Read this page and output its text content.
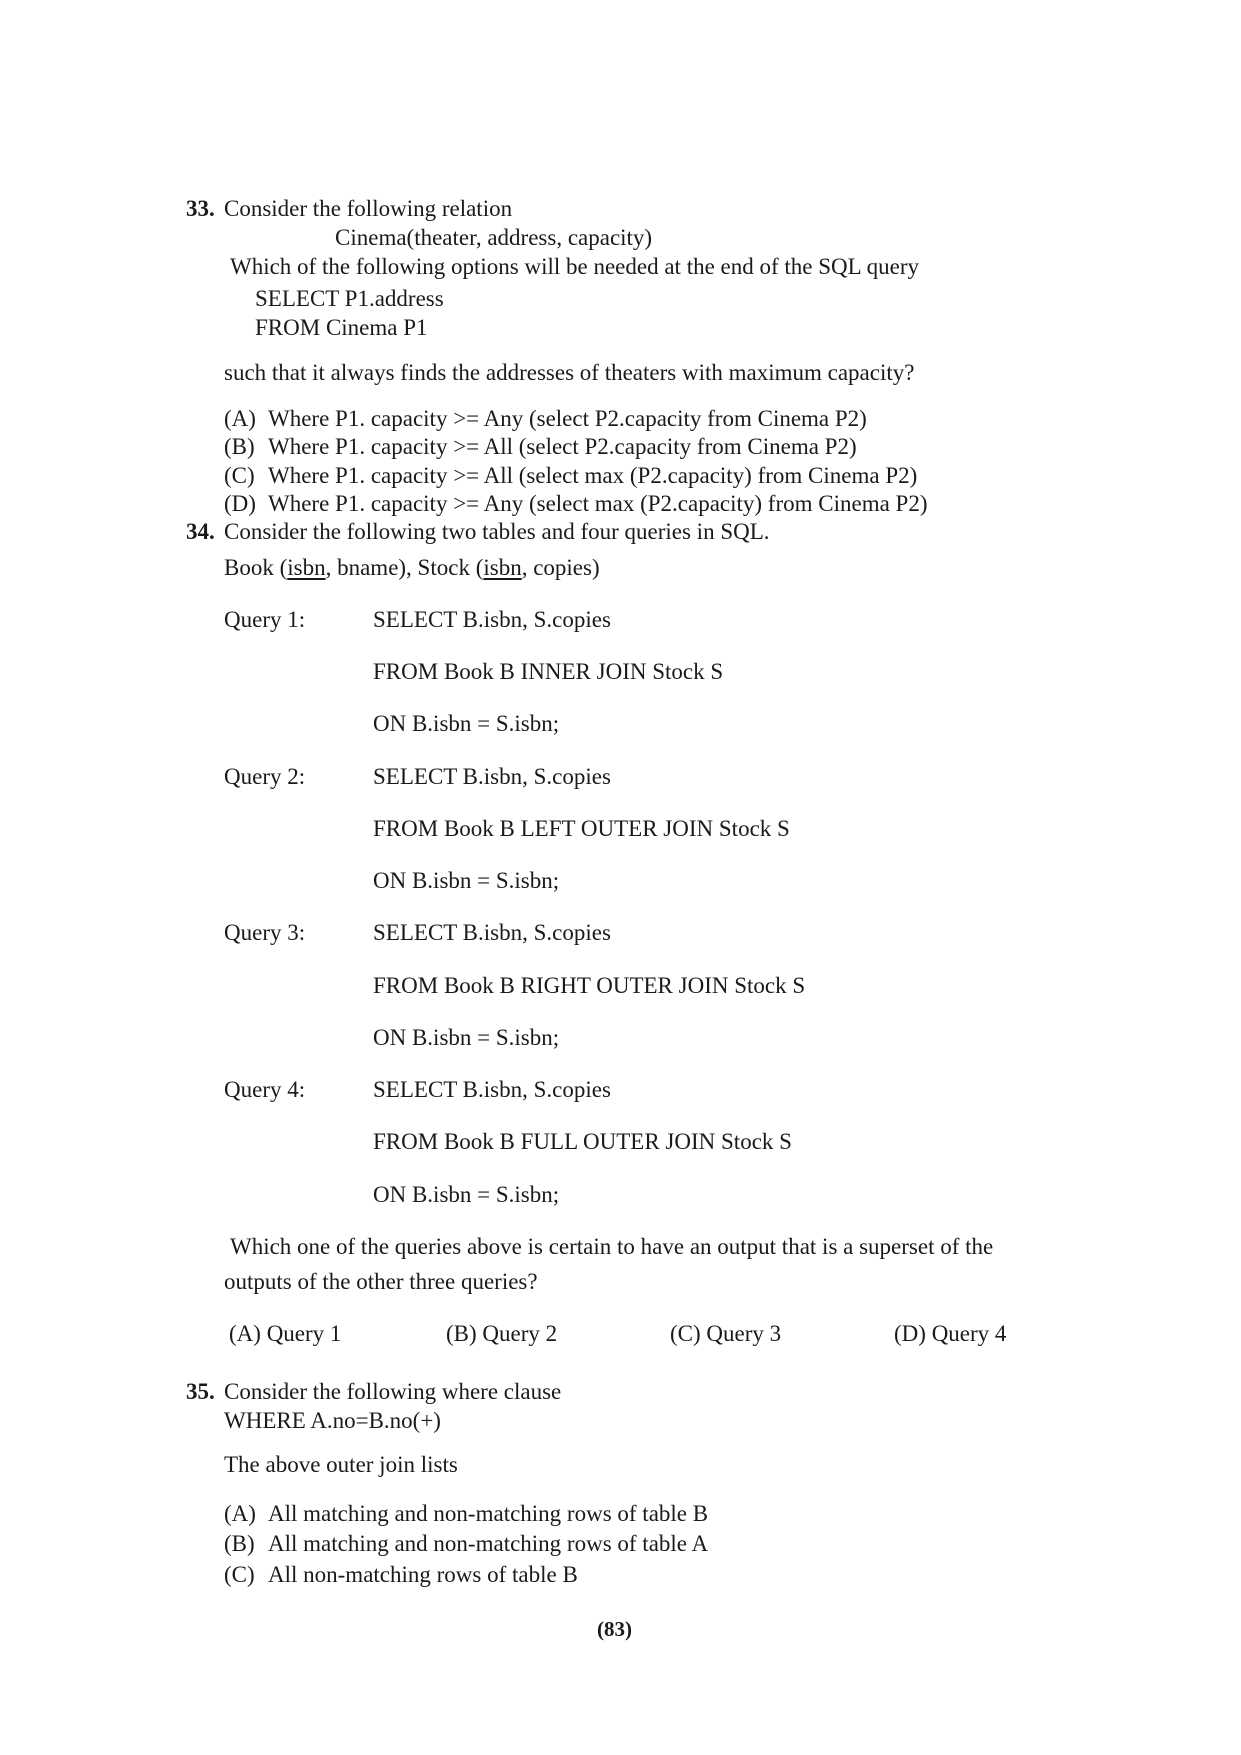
33. Consider the following relation
Cinema(theater, address, capacity)
Which of the following options will be needed at the end of the SQL query
SELECT P1.address
FROM Cinema P1
such that it always finds the addresses of theaters with maximum capacity?
(A) Where P1. capacity >= Any (select P2.capacity from Cinema P2)
(B) Where P1. capacity >= All (select P2.capacity from Cinema P2)
(C) Where P1. capacity >= All (select max (P2.capacity) from Cinema P2)
(D) Where P1. capacity >= Any (select max (P2.capacity) from Cinema P2)
34. Consider the following two tables and four queries in SQL.
Book (isbn, bname), Stock (isbn, copies)
Query 1:	SELECT B.isbn, S.copies
FROM Book B INNER JOIN Stock S
ON B.isbn = S.isbn;
Query 2:	SELECT B.isbn, S.copies
FROM Book B LEFT OUTER JOIN Stock S
ON B.isbn = S.isbn;
Query 3:	SELECT B.isbn, S.copies
FROM Book B RIGHT OUTER JOIN Stock S
ON B.isbn = S.isbn;
Query 4:	SELECT B.isbn, S.copies
FROM Book B FULL OUTER JOIN Stock S
ON B.isbn = S.isbn;
Which one of the queries above is certain to have an output that is a superset of the
outputs of the other three queries?
(A) Query 1	(B) Query 2	(C) Query 3	(D) Query 4
35. Consider the following where clause
WHERE A.no=B.no(+)
The above outer join lists
(A) All matching and non-matching rows of table B
(B) All matching and non-matching rows of table A
(C) All non-matching rows of table B
(83)
